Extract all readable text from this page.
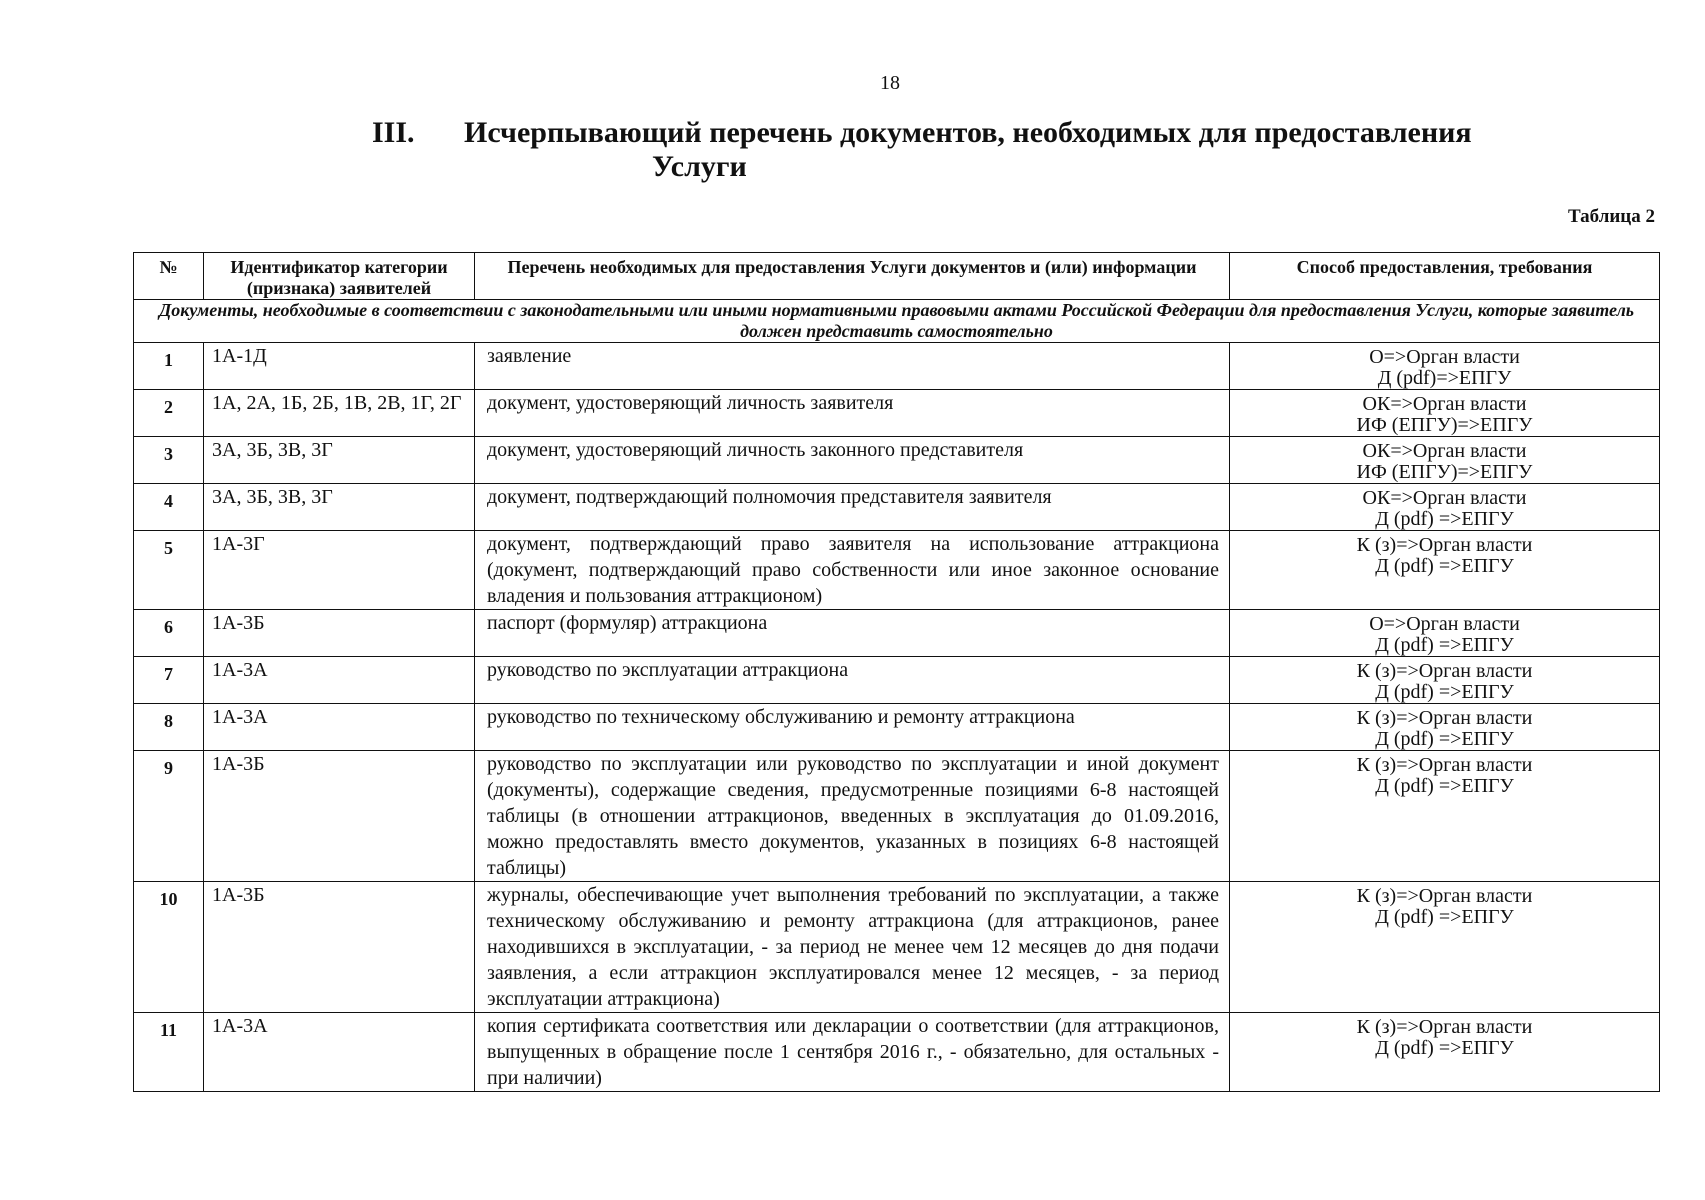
18
III. Исчерпывающий перечень документов, необходимых для предоставления
Услуги
Таблица 2
№	Идентификатор категории (признака) заявителей	Перечень необходимых для предоставления Услуги документов и (или) информации	Способ предоставления, требования
Документы, необходимые в соответствии с законодательными или иными нормативными правовыми актами Российской Федерации для предоставления Услуги, которые заявитель должен представить самостоятельно			
1	1А-1Д	заявление	О=>Орган власти
Д (pdf)=>ЕПГУ

2	1А, 2А, 1Б, 2Б, 1В, 2В, 1Г, 2Г	документ, удостоверяющий личность заявителя	ОК=>Орган власти
ИФ (ЕПГУ)=>ЕПГУ

3	3А, 3Б, 3В, 3Г	документ, удостоверяющий личность законного представителя	ОК=>Орган власти
ИФ (ЕПГУ)=>ЕПГУ

4	3А, 3Б, 3В, 3Г	документ, подтверждающий полномочия представителя заявителя	ОК=>Орган власти
Д (pdf) =>ЕПГУ

5	1А-3Г	документ, подтверждающий право заявителя на использование аттракциона (документ, подтверждающий право собственности или иное законное основание владения и пользования аттракционом)	К (з)=>Орган власти
Д (pdf) =>ЕПГУ

6	1А-3Б	паспорт (формуляр) аттракциона	О=>Орган власти
Д (pdf) =>ЕПГУ

7	1А-3А	руководство по эксплуатации аттракциона	К (з)=>Орган власти
Д (pdf) =>ЕПГУ

8	1А-3А	руководство по техническому обслуживанию и ремонту аттракциона	К (з)=>Орган власти
Д (pdf) =>ЕПГУ

9	1А-3Б	руководство по эксплуатации или руководство по эксплуатации и иной документ (документы), содержащие сведения, предусмотренные позициями 6-8 настоящей таблицы (в отношении аттракционов, введенных в эксплуатация до 01.09.2016, можно предоставлять вместо документов, указанных в позициях 6-8 настоящей таблицы)	К (з)=>Орган власти
Д (pdf) =>ЕПГУ

10	1А-3Б	журналы, обеспечивающие учет выполнения требований по эксплуатации, а также техническому обслуживанию и ремонту аттракциона (для аттракционов, ранее находившихся в эксплуатации, - за период не менее чем 12 месяцев до дня подачи заявления, а если аттракцион эксплуатировался менее 12 месяцев, - за период эксплуатации аттракциона)	К (з)=>Орган власти
Д (pdf) =>ЕПГУ

11	1А-3А	копия сертификата соответствия или декларации о соответствии (для аттракционов, выпущенных в обращение после 1 сентября 2016 г., - обязательно, для остальных - при наличии)	К (з)=>Орган власти
Д (pdf) =>ЕПГУ
